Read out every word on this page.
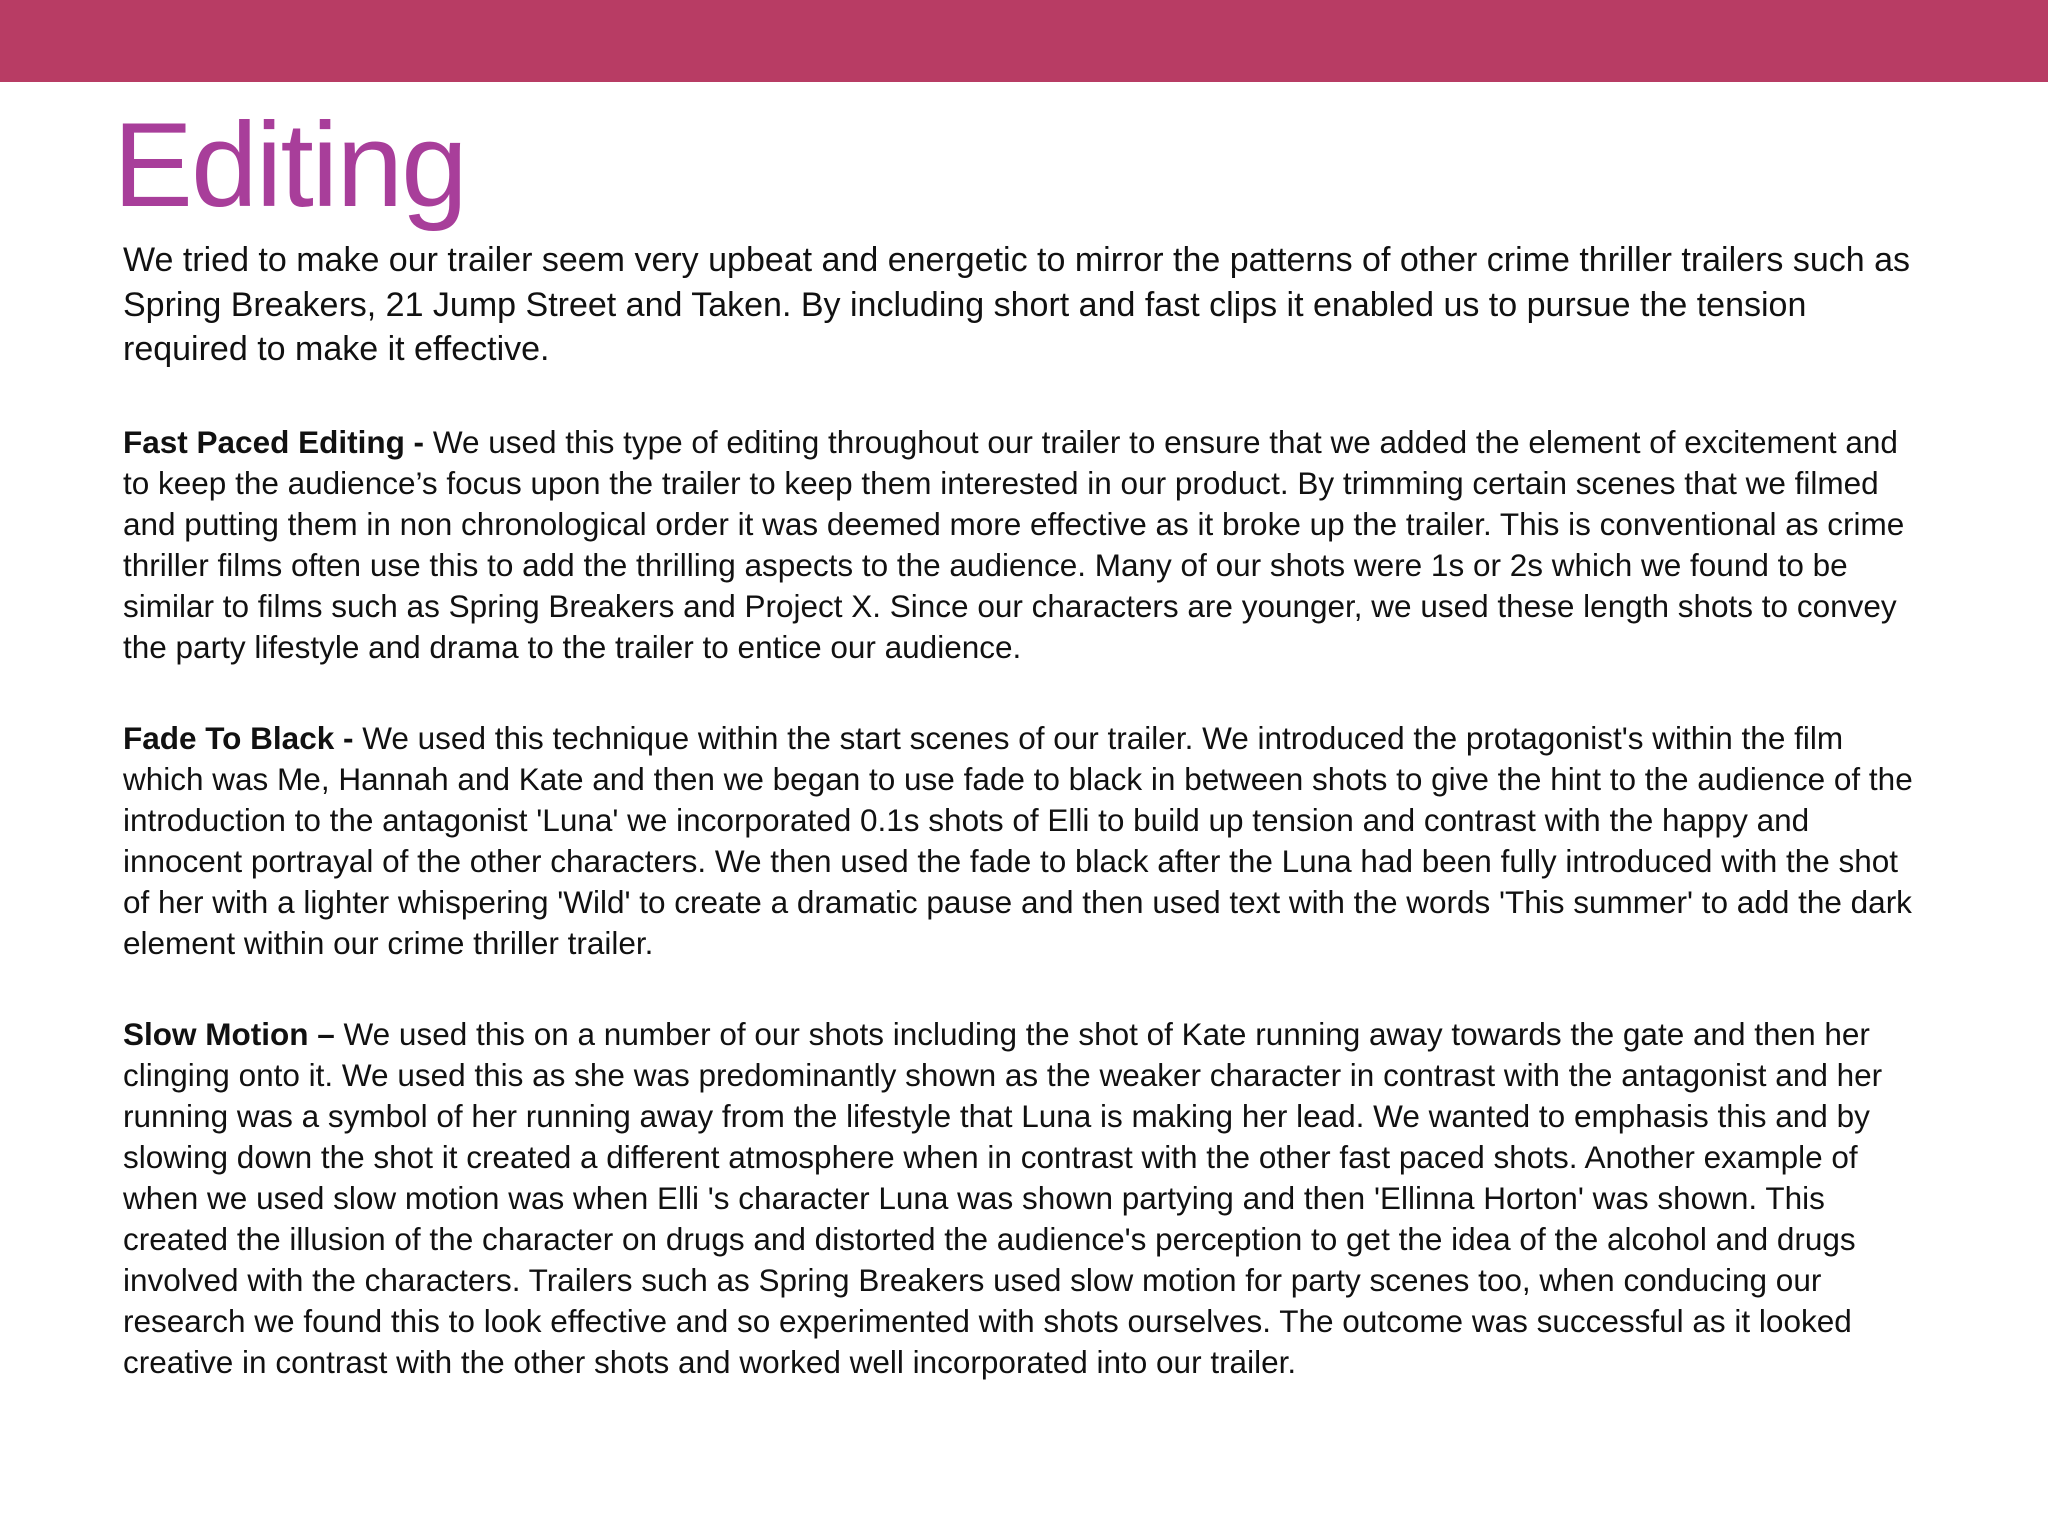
Editing

We tried to make our trailer seem very upbeat and energetic to mirror the patterns of other crime thriller trailers such as Spring Breakers, 21 Jump Street and Taken. By including short and fast clips it enabled us to pursue the tension required to make it effective.

Fast Paced Editing - We used this type of editing throughout our trailer to ensure that we added the element of excitement and to keep the audience’s focus upon the trailer to keep them interested in our product. By trimming certain scenes that we filmed and putting them in non chronological order it was deemed more effective as it broke up the trailer. This is conventional as crime thriller films often use this to add the thrilling aspects to the audience. Many of our shots were 1s or 2s which we found to be similar to films such as Spring Breakers and Project X. Since our characters are younger, we used these length shots to convey the party lifestyle and drama to the trailer to entice our audience.

Fade To Black - We used this technique within the start scenes of our trailer. We introduced the protagonist's within the film which was Me, Hannah and Kate and then we began to use fade to black in between shots to give the hint to the audience of the introduction to the antagonist 'Luna' we incorporated 0.1s shots of Elli to build up tension and contrast with the happy and innocent portrayal of the other characters. We then used the fade to black after the Luna had been fully introduced with the shot of her with a lighter whispering 'Wild' to create a dramatic pause and then used text with the words 'This summer' to add the dark element within our crime thriller trailer.

Slow Motion – We used this on a number of our shots including the shot of Kate running away towards the gate and then her clinging onto it. We used this as she was predominantly shown as the weaker character in contrast with the antagonist and her running was a symbol of her running away from the lifestyle that Luna is making her lead. We wanted to emphasis this and by slowing down the shot it created a different atmosphere when in contrast with the other fast paced shots. Another example of when we used slow motion was when Elli 's character Luna was shown partying and then 'Ellinna Horton' was shown. This created the illusion of the character on drugs and distorted the audience's perception to get the idea of the alcohol and drugs involved with the characters. Trailers such as Spring Breakers used slow motion for party scenes too, when conducing our research we found this to look effective and so experimented with shots ourselves. The outcome was successful as it looked creative in contrast with the other shots and worked well incorporated into our trailer.
